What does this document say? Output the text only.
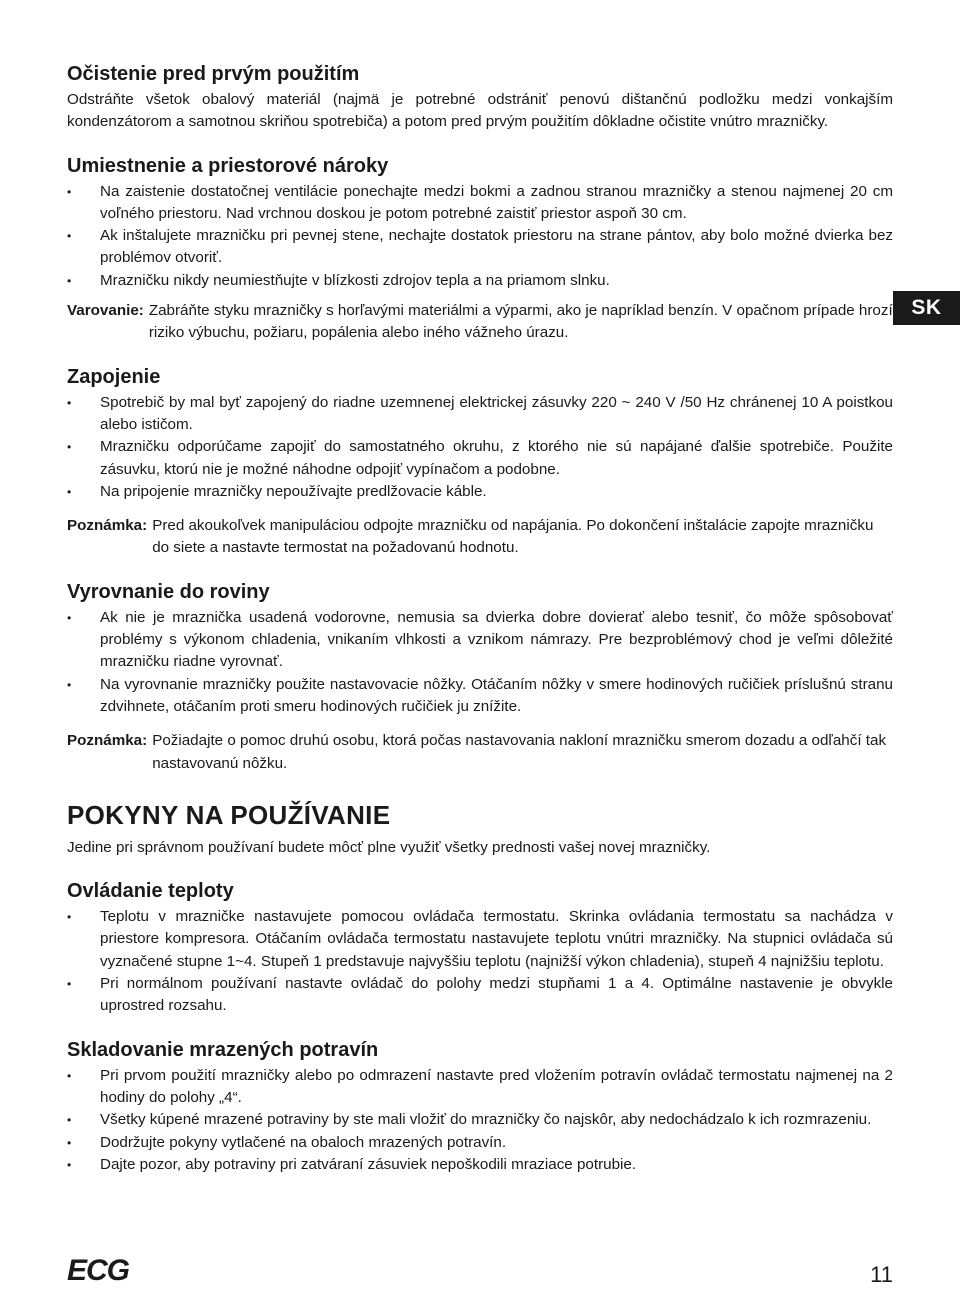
Očistenie pred prvým použitím

Odstráňte všetok obalový materiál (najmä je potrebné odstrániť penovú dištančnú podložku medzi vonkajším kondenzátorom a samotnou skriňou spotrebiča) a potom pred prvým použitím dôkladne očistite vnútro mrazničky.

Umiestnenie a priestorové nároky
• Na zaistenie dostatočnej ventilácie ponechajte medzi bokmi a zadnou stranou mrazničky a stenou najmenej 20 cm voľného priestoru. Nad vrchnou doskou je potom potrebné zaistiť priestor aspoň 30 cm.
• Ak inštalujete mrazničku pri pevnej stene, nechajte dostatok priestoru na strane pántov, aby bolo možné dvierka bez problémov otvoriť.
• Mrazničku nikdy neumiestňujte v blízkosti zdrojov tepla a na priamom slnku.
Varovanie: Zabráňte styku mrazničky s horľavými materiálmi a výparmi, ako je napríklad benzín. V opačnom prípade hrozí riziko výbuchu, požiaru, popálenia alebo iného vážneho úrazu.
Zapojenie
• Spotrebič by mal byť zapojený do riadne uzemnenej elektrickej zásuvky 220 ~ 240 V /50 Hz chránenej 10 A poistkou alebo ističom.
• Mrazničku odporúčame zapojiť do samostatného okruhu, z ktorého nie sú napájané ďalšie spotrebiče. Použite zásuvku, ktorú nie je možné náhodne odpojiť vypínačom a podobne.
• Na pripojenie mrazničky nepoužívajte predlžovacie káble.
Poznámka: Pred akoukoľvek manipuláciou odpojte mrazničku od napájania. Po dokončení inštalácie zapojte mrazničku do siete a nastavte termostat na požadovanú hodnotu.
Vyrovnanie do roviny
• Ak nie je mraznička usadená vodorovne, nemusia sa dvierka dobre dovierať alebo tesniť, čo môže spôsobovať problémy s výkonom chladenia, vnikaním vlhkosti a vznikom námrazy. Pre bezproblémový chod je veľmi dôležité mrazničku riadne vyrovnať.
• Na vyrovnanie mrazničky použite nastavovacie nôžky. Otáčaním nôžky v smere hodinových ručičiek príslušnú stranu zdvihnete, otáčaním proti smeru hodinových ručičiek ju znížite.
Poznámka: Požiadajte o pomoc druhú osobu, ktorá počas nastavovania nakloní mrazničku smerom dozadu a odľahčí tak nastavovanú nôžku.
POKYNY NA POUŽÍVANIE

Jedine pri správnom používaní budete môcť plne využiť všetky prednosti vašej novej mrazničky.

Ovládanie teploty
• Teplotu v mrazničke nastavujete pomocou ovládača termostatu. Skrinka ovládania termostatu sa nachádza v priestore kompresora. Otáčaním ovládača termostatu nastavujete teplotu vnútri mrazničky. Na stupnici ovládača sú vyznačené stupne 1~4. Stupeň 1 predstavuje najvyššiu teplotu (najnižší výkon chladenia), stupeň 4 najnižšiu teplotu.
• Pri normálnom používaní nastavte ovládač do polohy medzi stupňami 1 a 4. Optimálne nastavenie je obvykle uprostred rozsahu.
Skladovanie mrazených potravín
• Pri prvom použití mrazničky alebo po odmrazení nastavte pred vložením potravín ovládač termostatu najmenej na 2 hodiny do polohy „4“.
• Všetky kúpené mrazené potraviny by ste mali vložiť do mrazničky čo najskôr, aby nedochádzalo k ich rozmrazeniu.
• Dodržujte pokyny vytlačené na obaloch mrazených potravín.
• Dajte pozor, aby potraviny pri zatváraní zásuviek nepoškodili mraziace potrubie.
SK
ECG	11
